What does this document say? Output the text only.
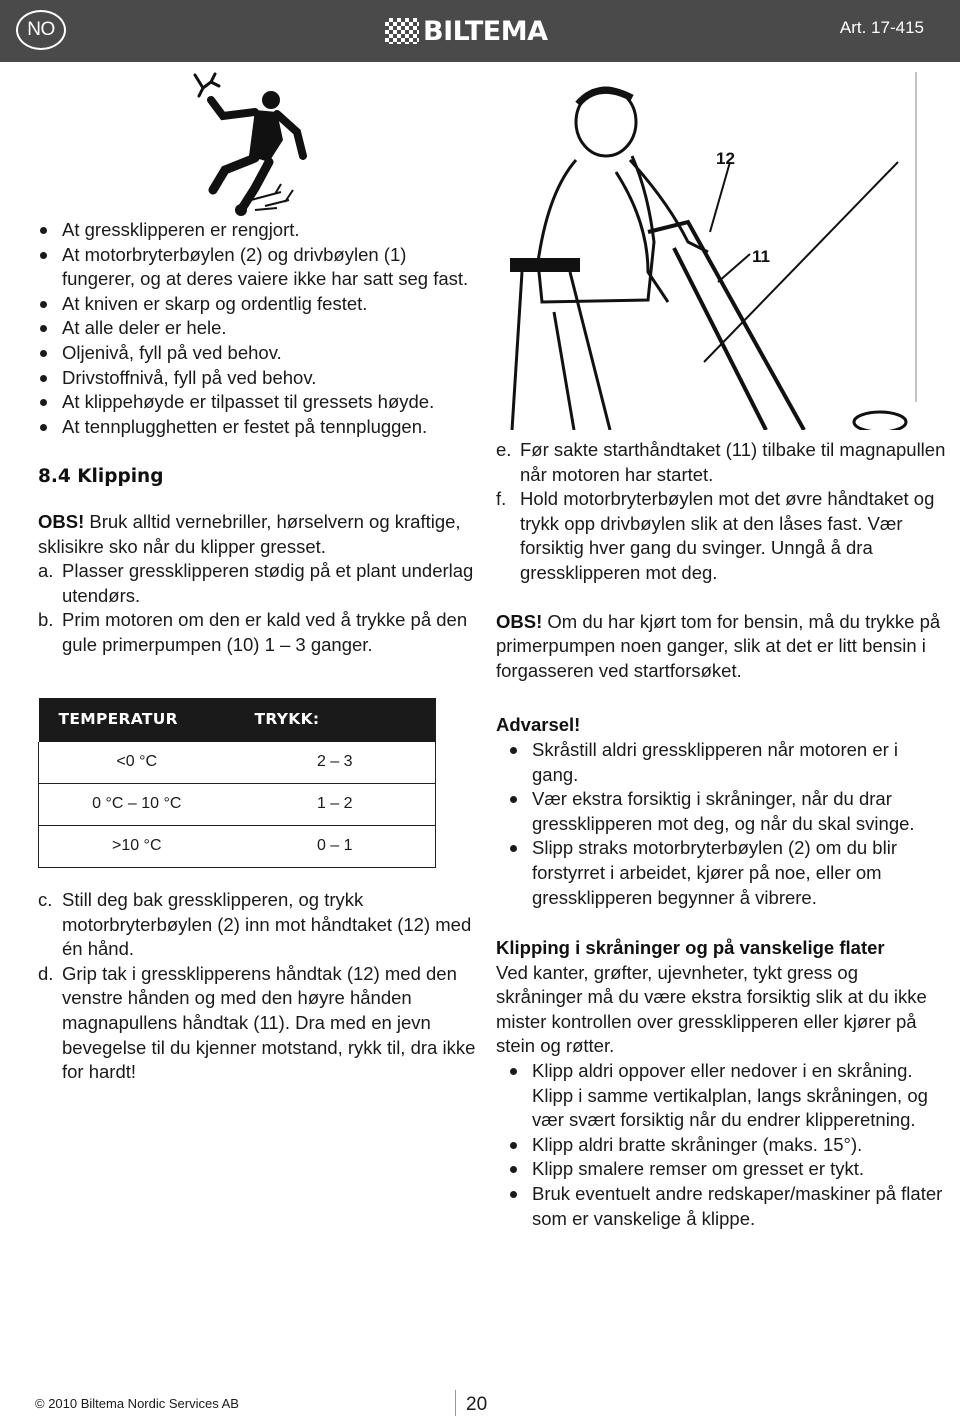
NO	BILTEMA	Art. 17-415
At gressklipperen er rengjort.
At motorbryterbøylen (2) og drivbøylen (1) fungerer, og at deres vaiere ikke har satt seg fast.
At kniven er skarp og ordentlig festet.
At alle deler er hele.
Oljenivå, fyll på ved behov.
Drivstoffnivå, fyll på ved behov.
At klippehøyde er tilpasset til gressets høyde.
At tennplugghetten er festet på tennpluggen.
8.4 Klipping

OBS! Bruk alltid vernebriller, hørselvern og kraftige, sklisikre sko når du klipper gresset.

a. Plasser gressklipperen stødig på et plant underlag utendørs.
b. Prim motoren om den er kald ved å trykke på den gule primerpumpen (10) 1 – 3 ganger.
TEMPERATUR	TRYKK:
<0 °C	2 – 3
0 °C – 10 °C	1 – 2
>10 °C	0 – 1
c. Still deg bak gressklipperen, og trykk motorbryterbøylen (2) inn mot håndtaket (12) med én hånd.
d. Grip tak i gressklipperens håndtak (12) med den venstre hånden og med den høyre hånden magnapullens håndtak (11). Dra med en jevn bevegelse til du kjenner motstand, rykk til, dra ikke for hardt!
12
11
e. Før sakte starthåndtaket (11) tilbake til magnapullen når motoren har startet.
f. Hold motorbryterbøylen mot det øvre håndtaket og trykk opp drivbøylen slik at den låses fast. Vær forsiktig hver gang du svinger. Unngå å dra gressklipperen mot deg.

OBS! Om du har kjørt tom for bensin, må du trykke på primerpumpen noen ganger, slik at det er litt bensin i forgasseren ved startforsøket.

Advarsel!
Skråstill aldri gressklipperen når motoren er i gang.
Vær ekstra forsiktig i skråninger, når du drar gressklipperen mot deg, og når du skal svinge.
Slipp straks motorbryterbøylen (2) om du blir forstyrret i arbeidet, kjører på noe, eller om gressklipperen begynner å vibrere.
Klipping i skråninger og på vanskelige flater

Ved kanter, grøfter, ujevnheter, tykt gress og skråninger må du være ekstra forsiktig slik at du ikke mister kontrollen over gressklipperen eller kjører på stein og røtter.

Klipp aldri oppover eller nedover i en skråning. Klipp i samme vertikalplan, langs skråningen, og vær svært forsiktig når du endrer klipperetning.
Klipp aldri bratte skråninger (maks. 15°).
Klipp smalere remser om gresset er tykt.
Bruk eventuelt andre redskaper/maskiner på flater som er vanskelige å klippe.
© 2010 Biltema Nordic Services AB	20
